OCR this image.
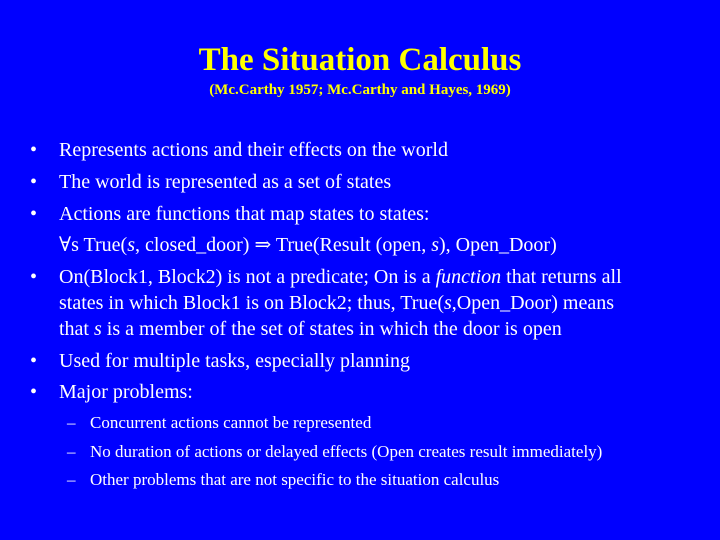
The Situation Calculus
(Mc.Carthy 1957; Mc.Carthy and Hayes, 1969)
• Represents actions and their effects on the world
• The world is represented as a set of states
• Actions are functions that map states to states:
∀s True(s, closed_door) ⇒ True(Result (open, s), Open_Door)
• On(Block1, Block2) is not a predicate; On is a function that returns all
states in which Block1 is on Block2; thus, True(s,Open_Door) means
that s is a member of the set of states in which the door is open
• Used for multiple tasks, especially planning
• Major problems:
– Concurrent actions cannot be represented
– No duration of actions or delayed effects (Open creates result immediately)
– Other problems that are not specific to the situation calculus
